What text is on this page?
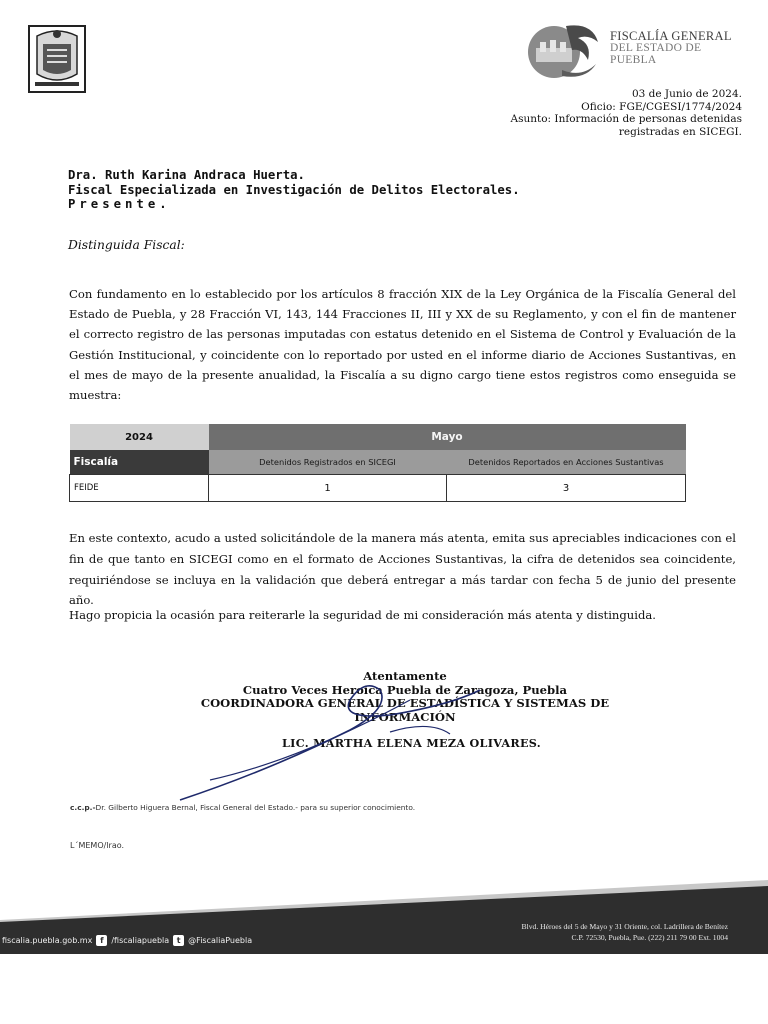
FISCALÍA GENERAL
DEL ESTADO DE
PUEBLA
03 de Junio de 2024.
Oficio: FGE/CGESI/1774/2024
Asunto: Información de personas detenidas
registradas en SICEGI.
Dra. Ruth Karina Andraca Huerta.
Fiscal Especializada en Investigación de Delitos Electorales.
Presente.
Distinguida Fiscal:
Con fundamento en lo establecido por los artículos 8 fracción XIX de la Ley Orgánica de la Fiscalía General del Estado de Puebla, y 28 Fracción VI, 143, 144 Fracciones II, III y XX de su Reglamento, y con el fin de mantener el correcto registro de las personas imputadas con estatus detenido en el Sistema de Control y Evaluación de la Gestión Institucional, y coincidente con lo reportado por usted en el informe diario de Acciones Sustantivas, en el mes de mayo de la presente anualidad, la Fiscalía a su digno cargo tiene estos registros como enseguida se muestra:
2024	Mayo	
Fiscalía	Detenidos Registrados en SICEGI	Detenidos Reportados en Acciones Sustantivas
FEIDE	1	3
En este contexto, acudo a usted solicitándole de la manera más atenta, emita sus apreciables indicaciones con el fin de que tanto en SICEGI como en el formato de Acciones Sustantivas, la cifra de detenidos sea coincidente, requiriéndose se incluya en la validación que deberá entregar a más tardar con fecha 5 de junio del presente año.
Hago propicia la ocasión para reiterarle la seguridad de mi consideración más atenta y distinguida.
Atentamente
Cuatro Veces Heroica Puebla de Zaragoza, Puebla
COORDINADORA GENERAL DE ESTADÍSTICA Y SISTEMAS DE INFORMACIÓN
LIC. MARTHA ELENA MEZA OLIVARES.
c.c.p.-Dr. Gilberto Higuera Bernal, Fiscal General del Estado.- para su superior conocimiento.
L´MEMO/lrao.
fiscalia.puebla.gob.mx f /fiscaliapuebla t @FiscaliaPuebla
Blvd. Héroes del 5 de Mayo y 31 Oriente, col. Ladrillera de Benítez
C.P. 72530, Puebla, Pue. (222) 211 79 00 Ext. 1004
